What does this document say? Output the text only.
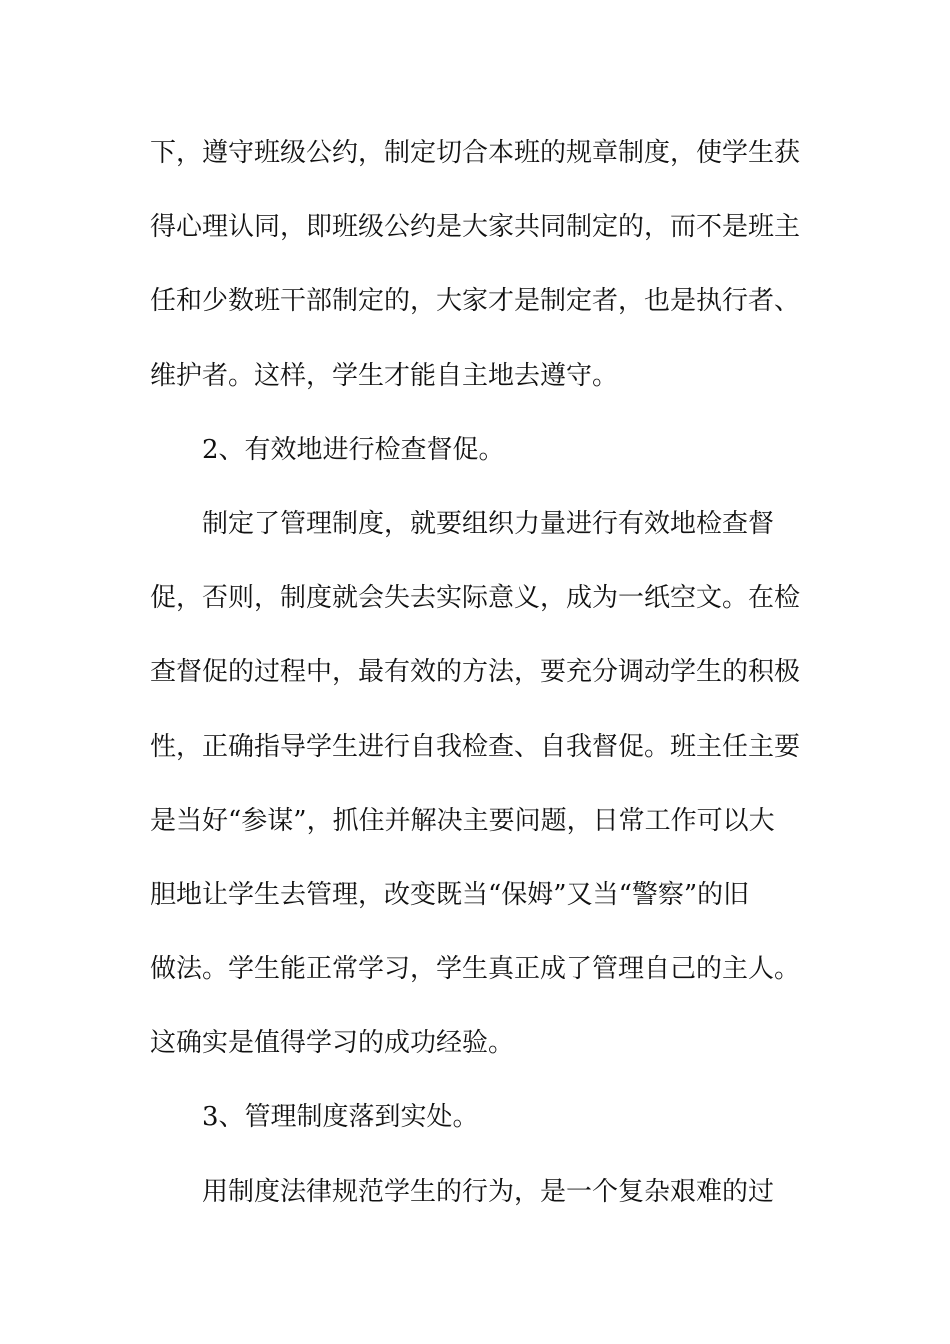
下，遵守班级公约，制定切合本班的规章制度，使学生获
得心理认同，即班级公约是大家共同制定的，而不是班主
任和少数班干部制定的，大家才是制定者，也是执行者、
维护者。这样，学生才能自主地去遵守。
2、有效地进行检查督促。
制定了管理制度，就要组织力量进行有效地检查督
促，否则，制度就会失去实际意义，成为一纸空文。在检
查督促的过程中，最有效的方法，要充分调动学生的积极
性，正确指导学生进行自我检查、自我督促。班主任主要
是当好“参谋”，抓住并解决主要问题，日常工作可以大
胆地让学生去管理，改变既当“保姆”又当“警察”的旧
做法。学生能正常学习，学生真正成了管理自己的主人。
这确实是值得学习的成功经验。
3、管理制度落到实处。
用制度法律规范学生的行为，是一个复杂艰难的过
